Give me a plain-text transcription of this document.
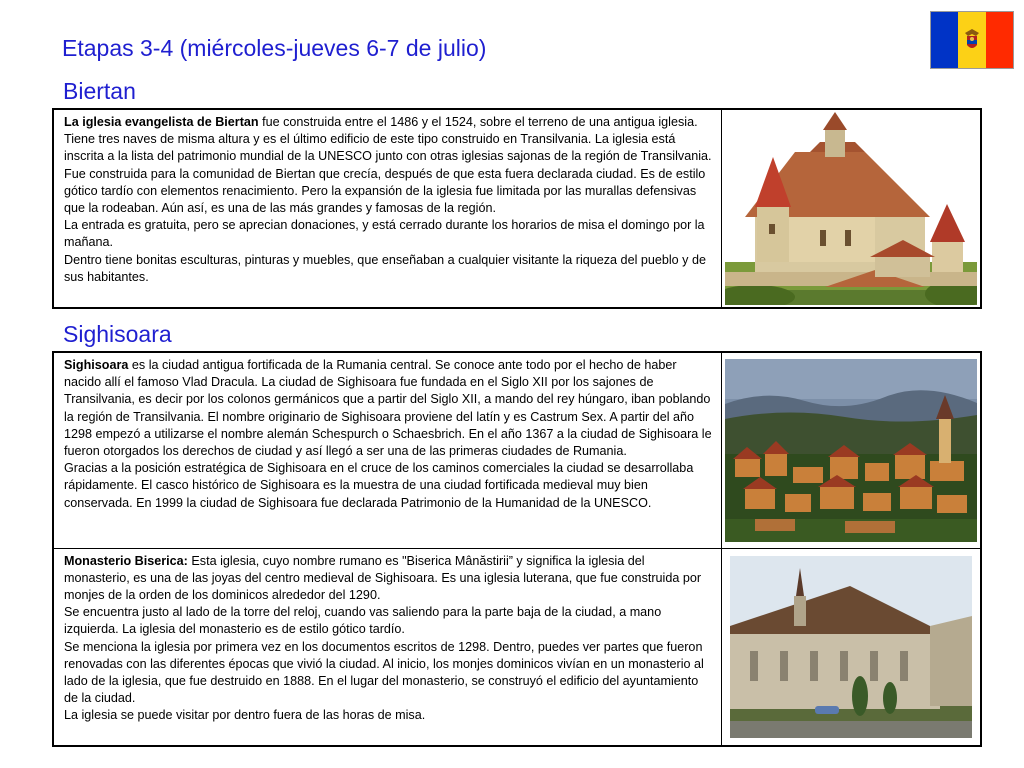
Etapas 3-4 (miércoles-jueves 6-7 de julio)
Biertan

La iglesia evangelista de Biertan fue construida entre el 1486 y el 1524, sobre el terreno de una antigua iglesia. Tiene tres naves de misma altura y es el último edificio de este tipo construido en Transilvania. La iglesia está inscrita a la lista del patrimonio mundial de la UNESCO junto con otras iglesias sajonas de la región de Transilvania. Fue construida para la comunidad de Biertan que crecía, después de que esta fuera declarada ciudad. Es de estilo gótico tardío con elementos renacimiento. Pero la expansión de la iglesia fue limitada por las murallas defensivas que la rodeaban. Aún así, es una de las más grandes y famosas de la región.

La entrada es gratuita, pero se aprecian donaciones, y está cerrado durante los horarios de misa el domingo por la mañana.

Dentro tiene bonitas esculturas, pinturas y muebles, que enseñaban a cualquier visitante la riqueza del pueblo y de sus habitantes.

Sighisoara

Sighisoara es la ciudad antigua fortificada de la Rumania central. Se conoce ante todo por el hecho de haber nacido allí el famoso Vlad Dracula. La ciudad de Sighisoara fue fundada en el Siglo XII por los sajones de Transilvania, es decir por los colonos germánicos que a partir del Siglo XII, a mando del rey húngaro, iban poblando la región de Transilvania. El nombre originario de Sighisoara proviene del latín y es Castrum Sex. A partir del año 1298 empezó a utilizarse el nombre alemán Schespurch o Schaesbrich. En el año 1367 a la ciudad de Sighisoara le fueron otorgados los derechos de ciudad y así llegó a ser una de las primeras ciudades de Rumania.

Gracias a la posición estratégica de Sighisoara en el cruce de los caminos comerciales la ciudad se desarrollaba rápidamente. El casco histórico de Sighisoara es la muestra de una ciudad fortificada medieval muy bien conservada. En 1999 la ciudad de Sighisoara fue declarada Patrimonio de la Humanidad de la UNESCO.

Monasterio Biserica: Esta iglesia, cuyo nombre rumano es "Biserica Mânăstirii” y significa la iglesia del monasterio, es una de las joyas del centro medieval de Sighisoara. Es una iglesia luterana, que fue construida por monjes de la orden de los dominicos alrededor del 1290.

Se encuentra justo al lado de la torre del reloj, cuando vas saliendo para la parte baja de la ciudad, a mano izquierda. La iglesia del monasterio es de estilo gótico tardío.

Se menciona la iglesia por primera vez en los documentos escritos de 1298. Dentro, puedes ver partes que fueron renovadas con las diferentes épocas que vivió la ciudad. Al inicio, los monjes dominicos vivían en un monasterio al lado de la iglesia, que fue destruido en 1888. En el lugar del monasterio, se construyó el edificio del ayuntamiento de la ciudad.

La iglesia se puede visitar por dentro fuera de las horas de misa.
